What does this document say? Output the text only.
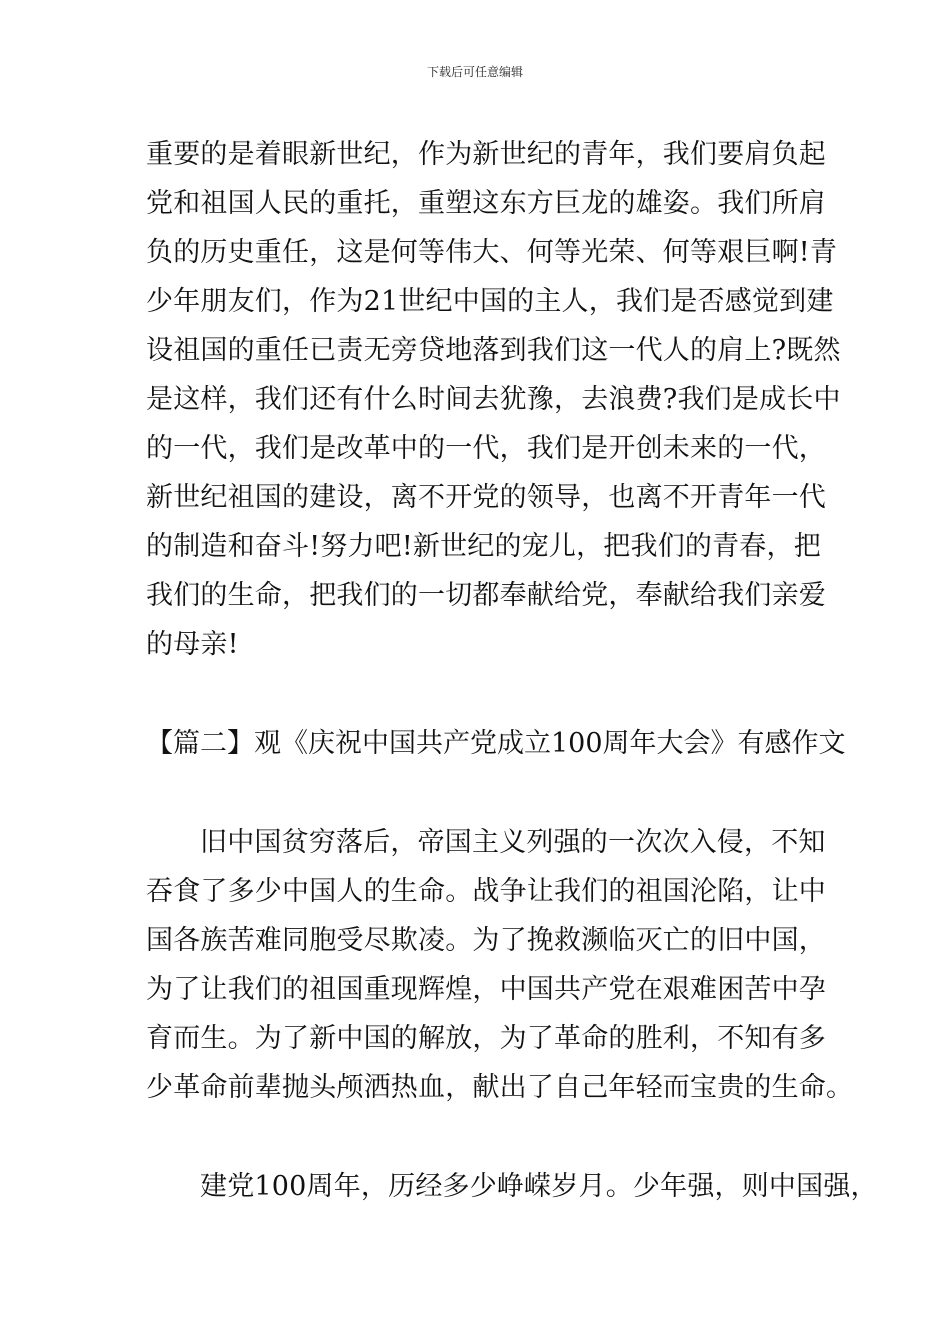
下载后可任意编辑
重要的是着眼新世纪，作为新世纪的青年，我们要肩负起
党和祖国人民的重托，重塑这东方巨龙的雄姿。我们所肩
负的历史重任，这是何等伟大、何等光荣、何等艰巨啊!青
少年朋友们，作为21世纪中国的主人，我们是否感觉到建
设祖国的重任已责无旁贷地落到我们这一代人的肩上?既然
是这样，我们还有什么时间去犹豫，去浪费?我们是成长中
的一代，我们是改革中的一代，我们是开创未来的一代，
新世纪祖国的建设，离不开党的领导，也离不开青年一代
的制造和奋斗!努力吧!新世纪的宠儿，把我们的青春，把
我们的生命，把我们的一切都奉献给党，奉献给我们亲爱
的母亲!
【篇二】观《庆祝中国共产党成立100周年大会》有感作文
旧中国贫穷落后，帝国主义列强的一次次入侵，不知
吞食了多少中国人的生命。战争让我们的祖国沦陷，让中
国各族苦难同胞受尽欺凌。为了挽救濒临灭亡的旧中国，
为了让我们的祖国重现辉煌，中国共产党在艰难困苦中孕
育而生。为了新中国的解放，为了革命的胜利，不知有多
少革命前辈抛头颅洒热血，献出了自己年轻而宝贵的生命。
建党100周年，历经多少峥嵘岁月。少年强，则中国强，
